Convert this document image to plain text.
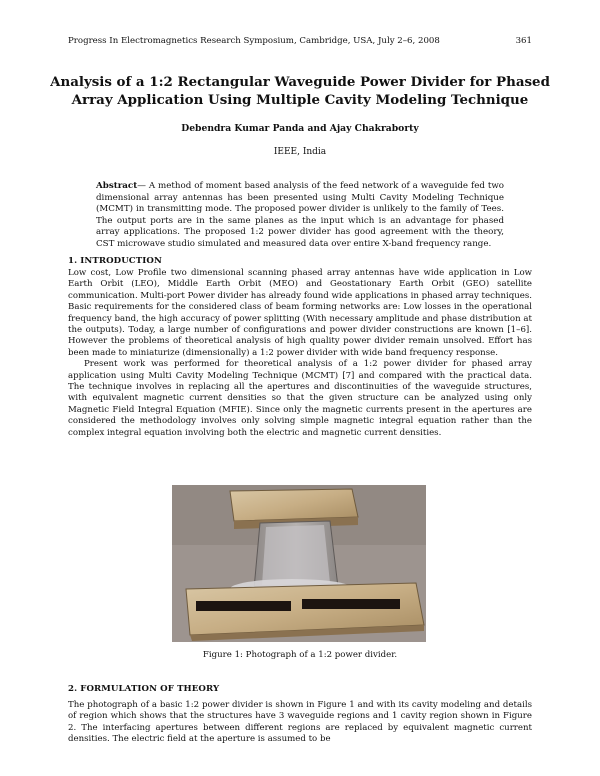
Progress In Electromagnetics Research Symposium, Cambridge, USA, July 2–6, 2008	361
Analysis of a 1:2 Rectangular Waveguide Power Divider for Phased Array Application Using Multiple Cavity Modeling Technique
Debendra Kumar Panda and Ajay Chakraborty
IEEE, India
Abstract— A method of moment based analysis of the feed network of a waveguide fed two dimensional array antennas has been presented using Multi Cavity Modeling Technique (MCMT) in transmitting mode. The proposed power divider is unlikely to the family of Tees. The output ports are in the same planes as the input which is an advantage for phased array applications. The proposed 1:2 power divider has good agreement with the theory, CST microwave studio simulated and measured data over entire X-band frequency range.
1. INTRODUCTION

Low cost, Low Profile two dimensional scanning phased array antennas have wide application in Low Earth Orbit (LEO), Middle Earth Orbit (MEO) and Geostationary Earth Orbit (GEO) satellite communication. Multi-port Power divider has already found wide applications in phased array techniques. Basic requirements for the considered class of beam forming networks are: Low losses in the operational frequency band, the high accuracy of power splitting (With necessary amplitude and phase distribution at the outputs). Today, a large number of configurations and power divider constructions are known [1–6]. However the problems of theoretical analysis of high quality power divider remain unsolved. Effort has been made to miniaturize (dimensionally) a 1:2 power divider with wide band frequency response.

Present work was performed for theoretical analysis of a 1:2 power divider for phased array application using Multi Cavity Modeling Technique (MCMT) [7] and compared with the practical data. The technique involves in replacing all the apertures and discontinuities of the waveguide structures, with equivalent magnetic current densities so that the given structure can be analyzed using only Magnetic Field Integral Equation (MFIE). Since only the magnetic currents present in the apertures are considered the methodology involves only solving simple magnetic integral equation rather than the complex integral equation involving both the electric and magnetic current densities.

Figure 1: Photograph of a 1:2 power divider.
2. FORMULATION OF THEORY

The photograph of a basic 1:2 power divider is shown in Figure 1 and with its cavity modeling and details of region which shows that the structures have 3 waveguide regions and 1 cavity region shown in Figure 2. The interfacing apertures between different regions are replaced by equivalent magnetic current densities. The electric field at the aperture is assumed to be
